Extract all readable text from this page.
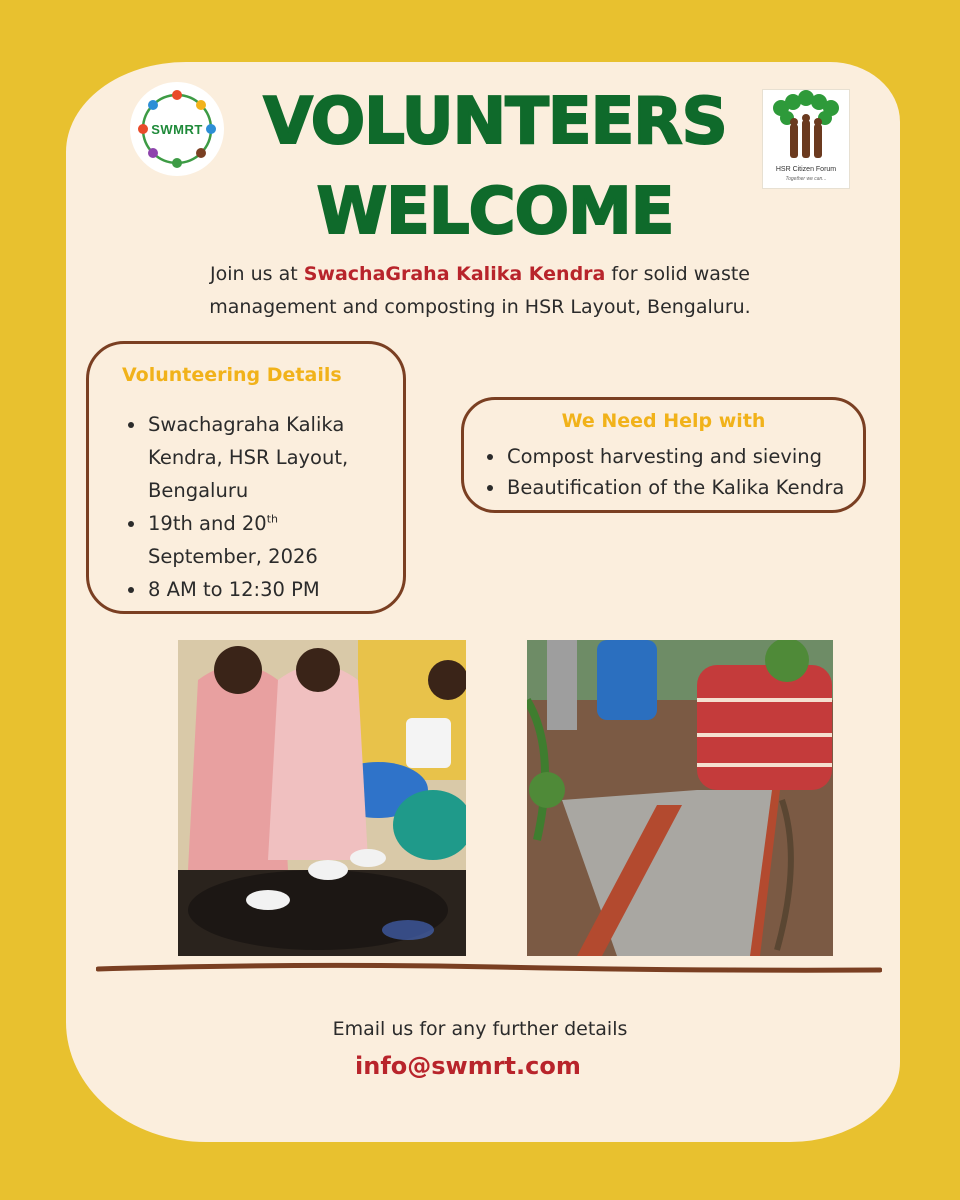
SWMRT
HSR Citizen Forum
Together we can...
VOLUNTEERS
WELCOME
Join us at SwachaGraha Kalika Kendra for solid waste management and composting in HSR Layout, Bengaluru.
Volunteering Details
Swachagraha Kalika Kendra, HSR Layout, Bengaluru
19th and 20th
September, 2026
8 AM to 12:30 PM
We Need Help with
Compost harvesting and sieving
Beautification of the Kalika Kendra
Email us for any further details
info@swmrt.com
